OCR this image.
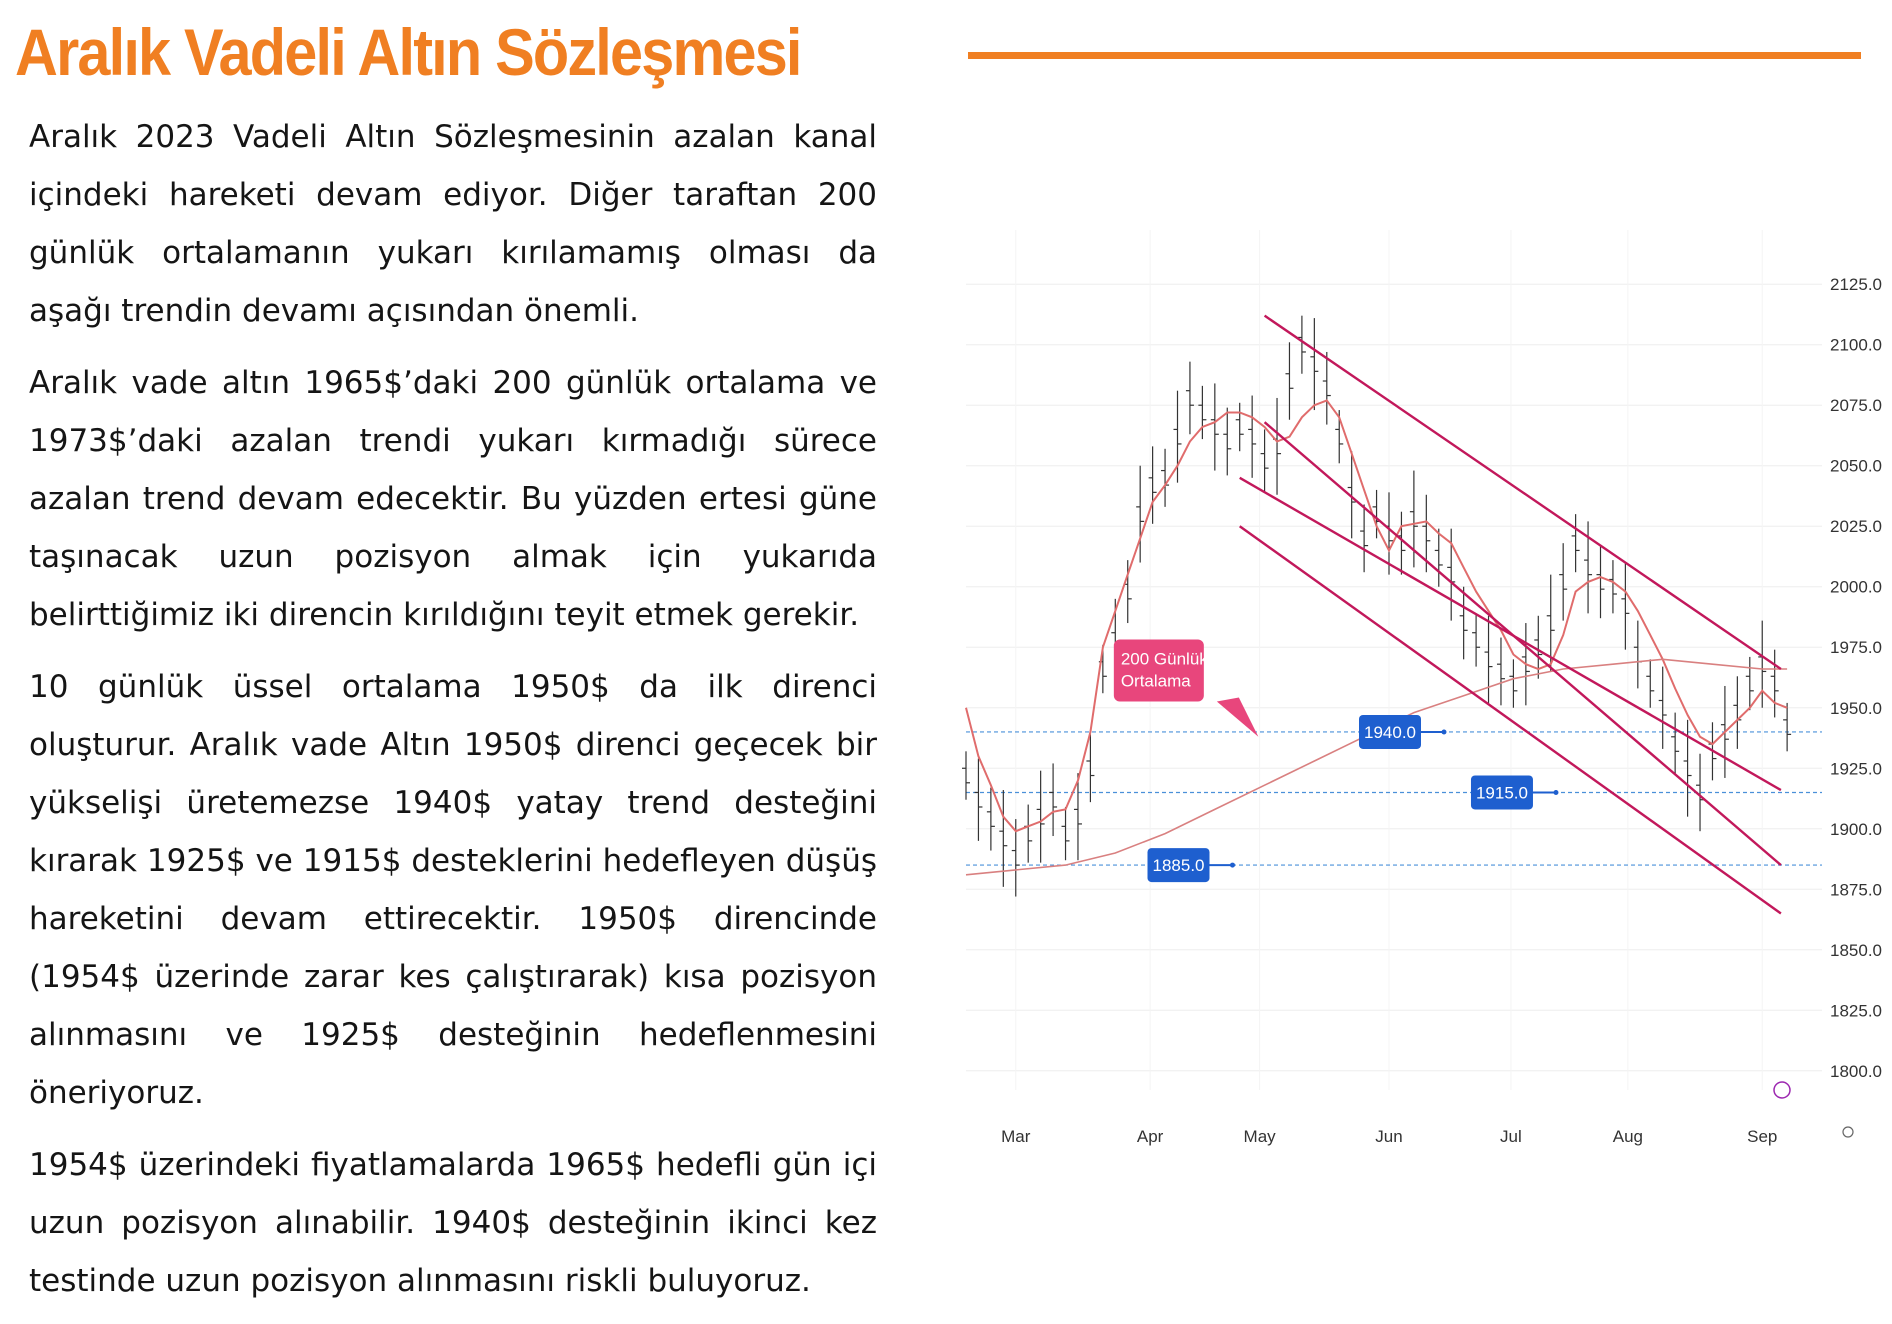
Aralık Vadeli Altın Sözleşmesi

Aralık 2023 Vadeli Altın Sözleşmesinin azalan kanal içindeki hareketi devam ediyor. Diğer taraftan 200 günlük ortalamanın yukarı kırılamamış olması da aşağı trendin devamı açısından önemli.

Aralık vade altın 1965$’daki 200 günlük ortalama ve 1973$’daki azalan trendi yukarı kırmadığı sürece azalan trend devam edecektir. Bu yüzden ertesi güne taşınacak uzun pozisyon almak için yukarıda belirttiğimiz iki direncin kırıldığını teyit etmek gerekir.

10 günlük üssel ortalama 1950$ da ilk direnci oluşturur. Aralık vade Altın 1950$ direnci geçecek bir yükselişi üretemezse 1940$ yatay trend desteğini kırarak 1925$ ve 1915$ desteklerini hedefleyen düşüş hareketini devam ettirecektir. 1950$ direncinde (1954$ üzerinde zarar kes çalıştırarak) kısa pozisyon alınmasını ve 1925$ desteğinin hedeflenmesini öneriyoruz.

1954$ üzerindeki fiyatlamalarda 1965$ hedefli gün içi uzun pozisyon alınabilir. 1940$ desteğinin ikinci kez testinde uzun pozisyon alınmasını riskli buluyoruz.

2125.0
2100.0
2075.0
2050.0
2025.0
2000.0
1975.0
1950.0
1925.0
1900.0
1875.0
1850.0
1825.0
1800.0
Mar	Apr	May	Jun	Jul	Aug	Sep
1885.0
1940.0
1915.0
200 Günlük
Ortalama
